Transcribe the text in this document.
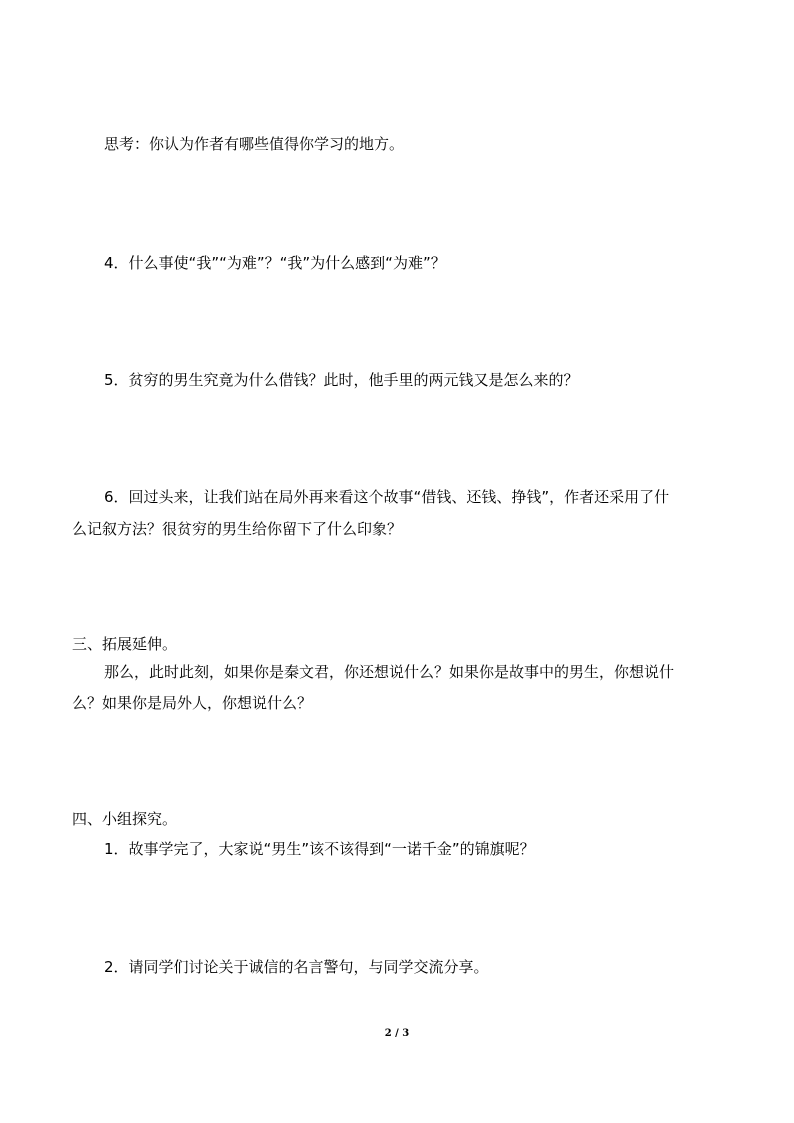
思考：你认为作者有哪些值得你学习的地方。
4．什么事使“我”“为难”？“我”为什么感到“为难”？
5．贫穷的男生究竟为什么借钱？此时，他手里的两元钱又是怎么来的？
6．回过头来，让我们站在局外再来看这个故事“借钱、还钱、挣钱”，作者还采用了什
么记叙方法？很贫穷的男生给你留下了什么印象？
三、拓展延伸。
那么，此时此刻，如果你是秦文君，你还想说什么？如果你是故事中的男生，你想说什
么？如果你是局外人，你想说什么？
四、小组探究。
1．故事学完了，大家说“男生”该不该得到“一诺千金”的锦旗呢？
2．请同学们讨论关于诚信的名言警句，与同学交流分享。
2 / 3
